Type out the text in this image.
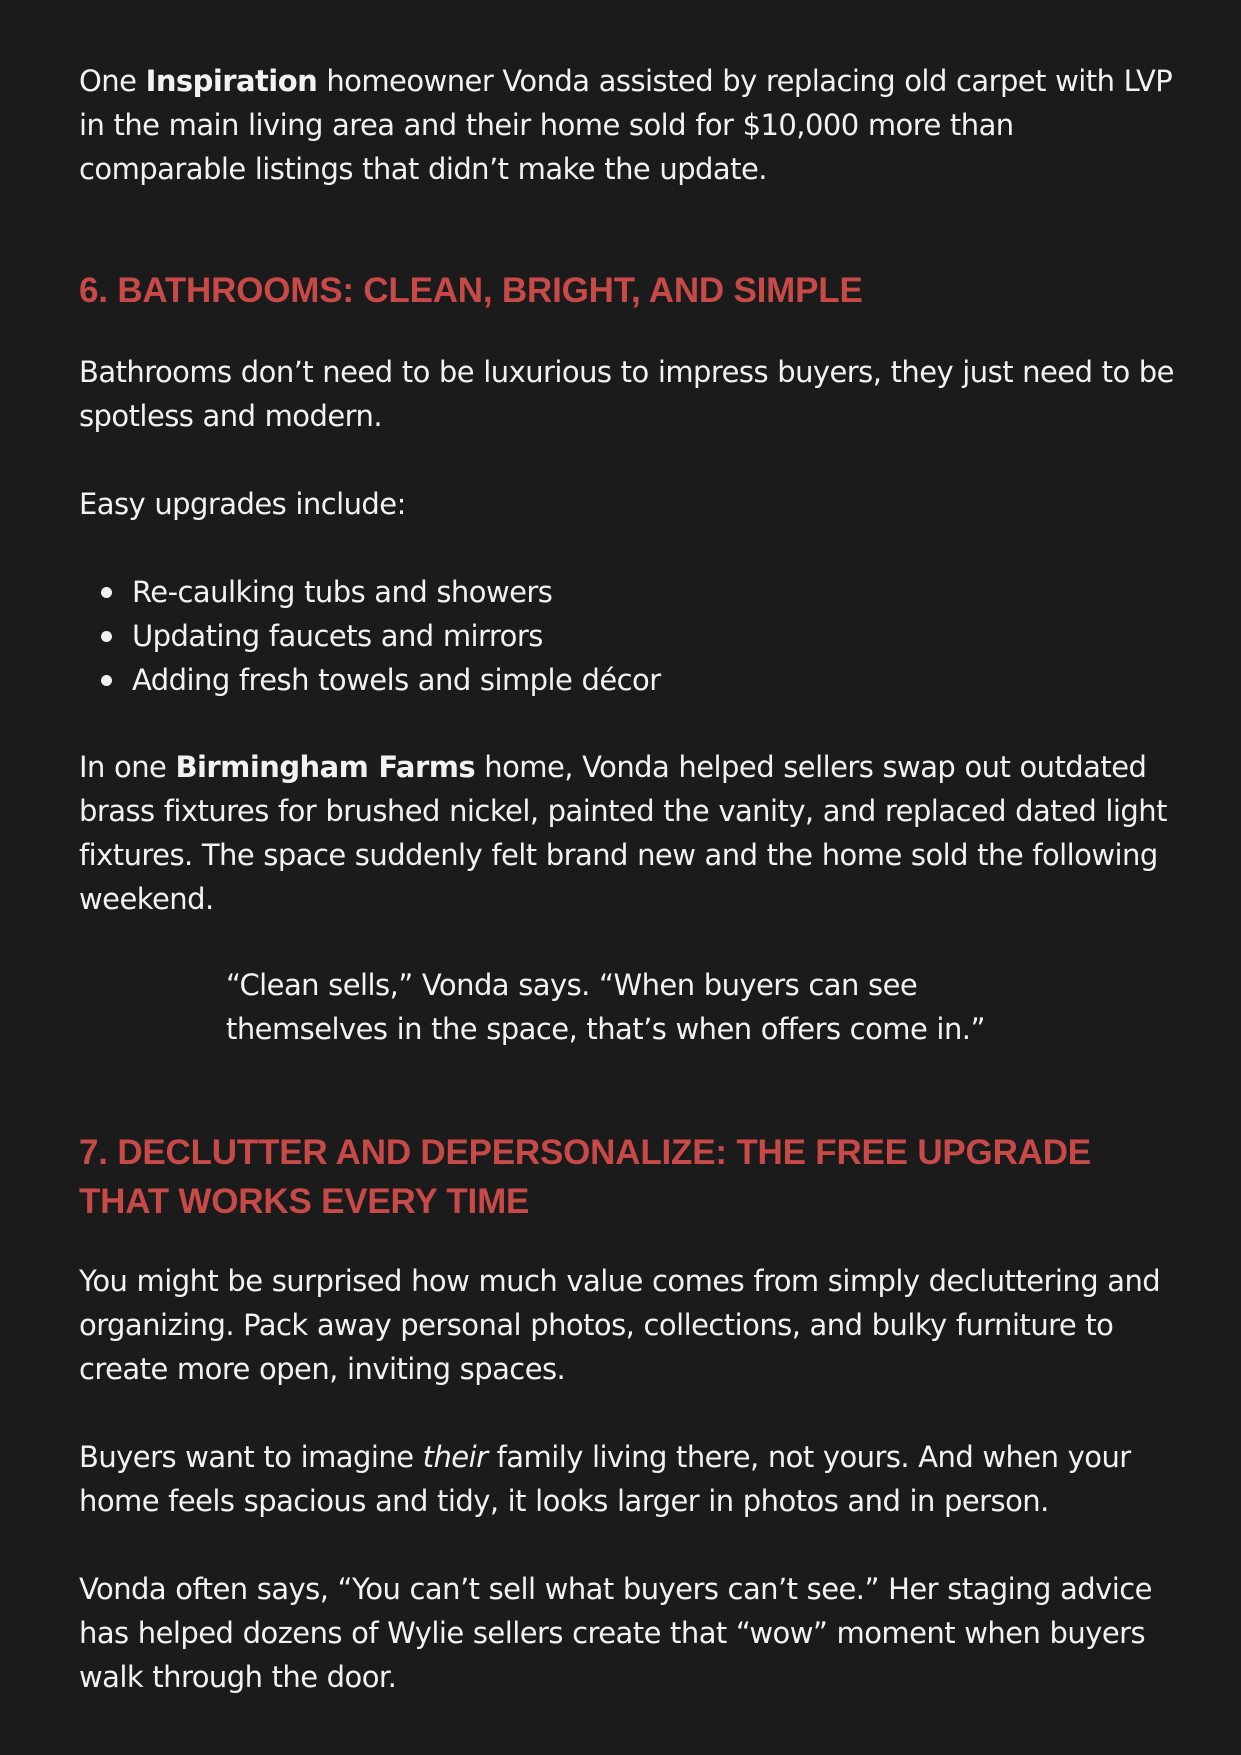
One Inspiration homeowner Vonda assisted by replacing old carpet with LVP in the main living area and their home sold for $10,000 more than comparable listings that didn’t make the update.

6. BATHROOMS: CLEAN, BRIGHT, AND SIMPLE

Bathrooms don’t need to be luxurious to impress buyers, they just need to be spotless and modern.

Easy upgrades include:

Re-caulking tubs and showers
Updating faucets and mirrors
Adding fresh towels and simple décor

In one Birmingham Farms home, Vonda helped sellers swap out outdated brass fixtures for brushed nickel, painted the vanity, and replaced dated light fixtures. The space suddenly felt brand new and the home sold the following weekend.

“Clean sells,” Vonda says. “When buyers can see themselves in the space, that’s when offers come in.”

7. DECLUTTER AND DEPERSONALIZE: THE FREE UPGRADE THAT WORKS EVERY TIME

You might be surprised how much value comes from simply decluttering and organizing. Pack away personal photos, collections, and bulky furniture to create more open, inviting spaces.

Buyers want to imagine their family living there, not yours. And when your home feels spacious and tidy, it looks larger in photos and in person.

Vonda often says, “You can’t sell what buyers can’t see.” Her staging advice has helped dozens of Wylie sellers create that “wow” moment when buyers walk through the door.
